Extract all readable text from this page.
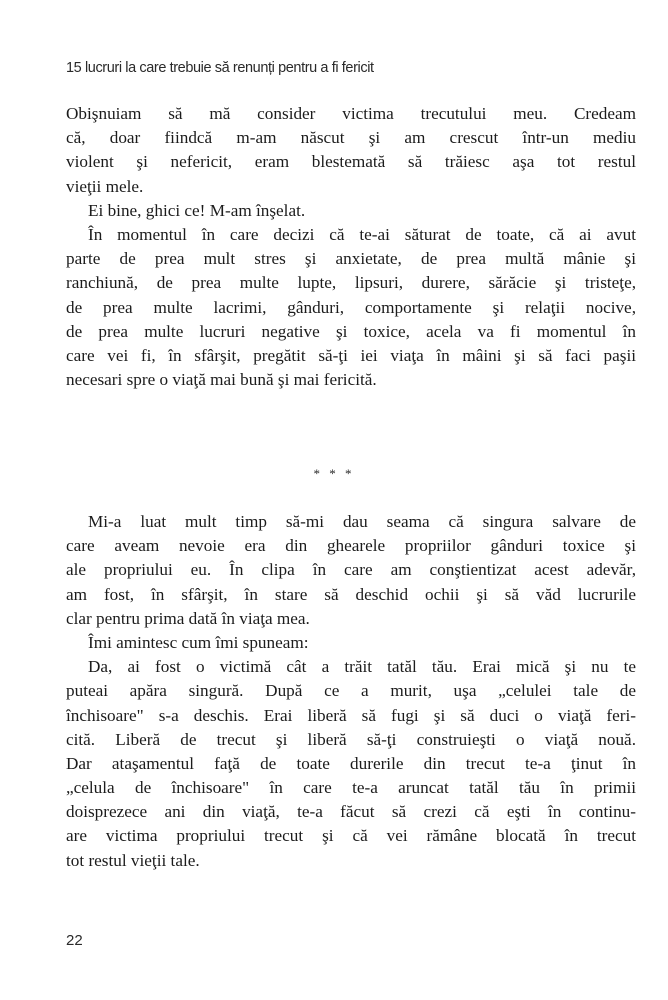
15 lucruri la care trebuie să renunți pentru a fi fericit
Obişnuiam să mă consider victima trecutului meu. Credeam
că, doar fiindcă m-am născut şi am crescut într-un mediu
violent şi nefericit, eram blestemată să trăiesc aşa tot restul
vieţii mele.
Ei bine, ghici ce! M-am înşelat.
În momentul în care decizi că te-ai săturat de toate, că ai avut
parte de prea mult stres şi anxietate, de prea multă mânie şi
ranchiună, de prea multe lupte, lipsuri, durere, sărăcie şi tristeţe,
de prea multe lacrimi, gânduri, comportamente şi relaţii nocive,
de prea multe lucruri negative şi toxice, acela va fi momentul în
care vei fi, în sfârşit, pregătit să-ţi iei viaţa în mâini şi să faci paşii
necesari spre o viaţă mai bună şi mai fericită.
* * *
Mi-a luat mult timp să-mi dau seama că singura salvare de
care aveam nevoie era din ghearele propriilor gânduri toxice şi
ale propriului eu. În clipa în care am conştientizat acest adevăr,
am fost, în sfârşit, în stare să deschid ochii şi să văd lucrurile
clar pentru prima dată în viaţa mea.
Îmi amintesc cum îmi spuneam:
Da, ai fost o victimă cât a trăit tatăl tău. Erai mică şi nu te
puteai apăra singură. După ce a murit, uşa „celulei tale de
închisoare" s-a deschis. Erai liberă să fugi şi să duci o viaţă feri-
cită. Liberă de trecut şi liberă să-ţi construieşti o viaţă nouă.
Dar ataşamentul faţă de toate durerile din trecut te-a ţinut în
„celula de închisoare" în care te-a aruncat tatăl tău în primii
doisprezece ani din viaţă, te-a făcut să crezi că eşti în continu-
are victima propriului trecut şi că vei rămâne blocată în trecut
tot restul vieţii tale.
22
